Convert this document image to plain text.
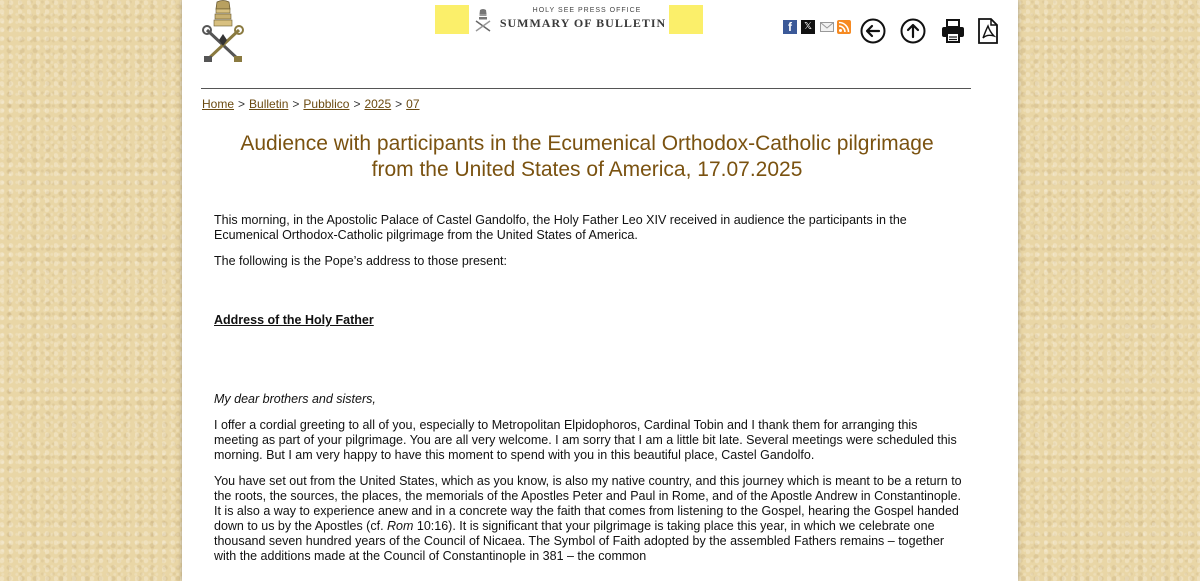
HOLY SEE PRESS OFFICE
SUMMARY OF BULLETIN	f	𝕏
Home > Bulletin > Pubblico > 2025 > 07
Audience with participants in the Ecumenical Orthodox-Catholic pilgrimage
from the United States of America, 17.07.2025

This morning, in the Apostolic Palace of Castel Gandolfo, the Holy Father Leo XIV received in audience the participants in the Ecumenical Orthodox-Catholic pilgrimage from the United States of America.

The following is the Pope’s address to those present:

Address of the Holy Father

My dear brothers and sisters,

I offer a cordial greeting to all of you, especially to Metropolitan Elpidophoros, Cardinal Tobin and I thank them for arranging this meeting as part of your pilgrimage. You are all very welcome. I am sorry that I am a little bit late. Several meetings were scheduled this morning. But I am very happy to have this moment to spend with you in this beautiful place, Castel Gandolfo.

You have set out from the United States, which as you know, is also my native country, and this journey which is meant to be a return to the roots, the sources, the places, the memorials of the Apostles Peter and Paul in Rome, and of the Apostle Andrew in Constantinople. It is also a way to experience anew and in a concrete way the faith that comes from listening to the Gospel, hearing the Gospel handed down to us by the Apostles (cf. Rom 10:16). It is significant that your pilgrimage is taking place this year, in which we celebrate one thousand seven hundred years of the Council of Nicaea. The Symbol of Faith adopted by the assembled Fathers remains – together with the additions made at the Council of Constantinople in 381 – the common
